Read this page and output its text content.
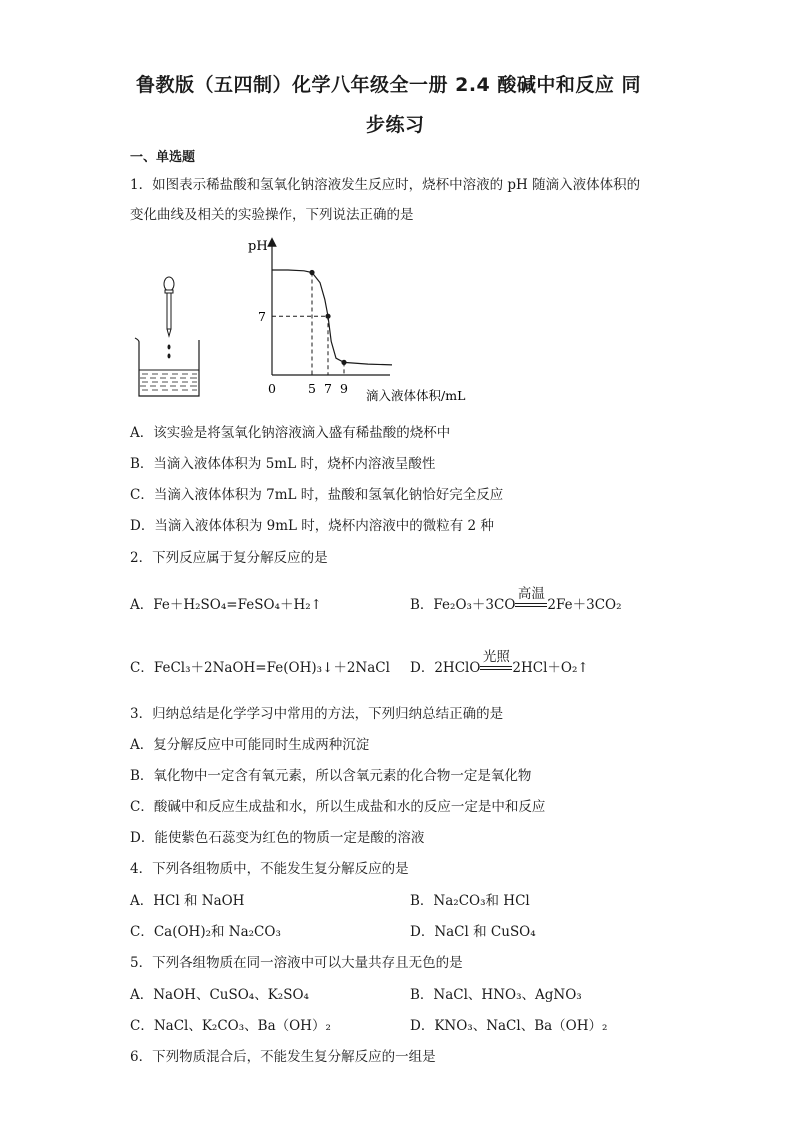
鲁教版（五四制）化学八年级全一册 2.4 酸碱中和反应 同
步练习
一、单选题
1．如图表示稀盐酸和氢氧化钠溶液发生反应时，烧杯中溶液的 pH 随滴入液体体积的
变化曲线及相关的实验操作，下列说法正确的是
pH
滴入液体体积/mL
0	5 7 9
7
A．该实验是将氢氧化钠溶液滴入盛有稀盐酸的烧杯中
B．当滴入液体体积为 5mL 时，烧杯内溶液呈酸性
C．当滴入液体体积为 7mL 时，盐酸和氢氧化钠恰好完全反应
D．当滴入液体体积为 9mL 时，烧杯内溶液中的微粒有 2 种
2．下列反应属于复分解反应的是
A．Fe＋H₂SO₄=FeSO₄＋H₂↑	B．Fe₂O₃＋3CO
高温
2Fe＋3CO₂
C．FeCl₃＋2NaOH=Fe(OH)₃↓＋2NaCl D．2HClO
光照
2HCl＋O₂↑
3．归纳总结是化学学习中常用的方法，下列归纳总结正确的是
A．复分解反应中可能同时生成两种沉淀
B．氧化物中一定含有氧元素，所以含氧元素的化合物一定是氧化物
C．酸碱中和反应生成盐和水，所以生成盐和水的反应一定是中和反应
D．能使紫色石蕊变为红色的物质一定是酸的溶液
4．下列各组物质中，不能发生复分解反应的是
A．HCl 和 NaOH	B．Na₂CO₃和 HCl
C．Ca(OH)₂和 Na₂CO₃	D．NaCl 和 CuSO₄
5．下列各组物质在同一溶液中可以大量共存且无色的是
A．NaOH、CuSO₄、K₂SO₄	B．NaCl、HNO₃、AgNO₃
C．NaCl、K₂CO₃、Ba（OH）₂	D．KNO₃、NaCl、Ba（OH）₂
6．下列物质混合后，不能发生复分解反应的一组是
